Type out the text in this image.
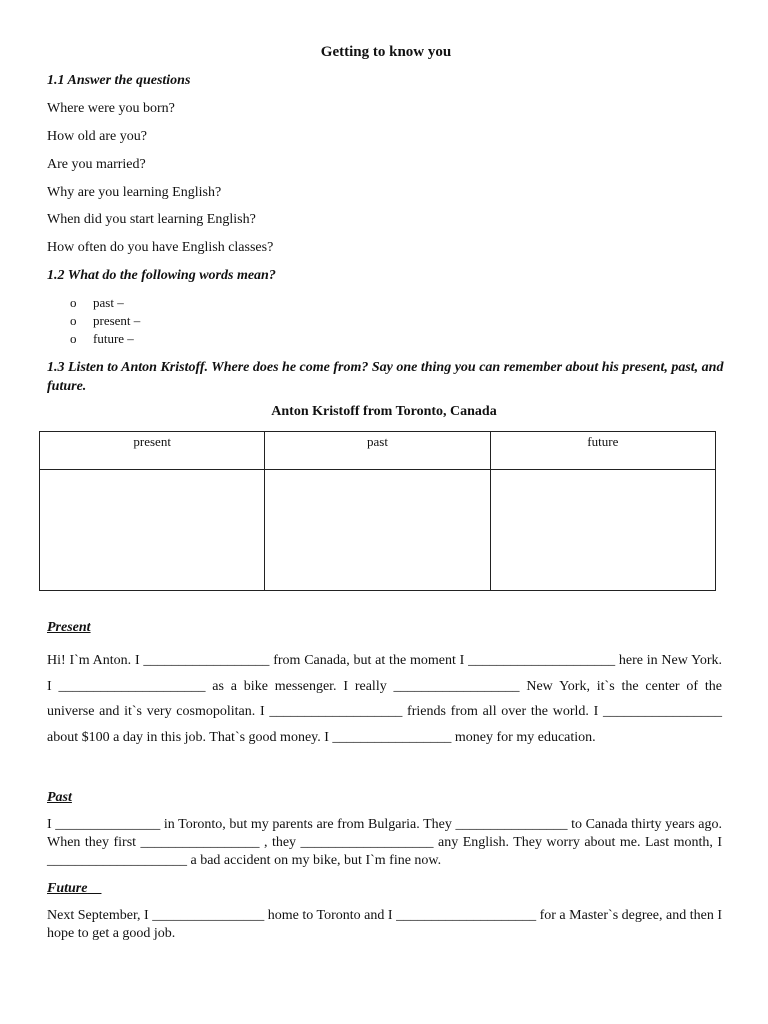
Getting to know you
1.1 Answer the questions
Where were you born?
How old are you?
Are you married?
Why are you learning English?
When did you start learning English?
How often do you have English classes?
1.2 What do the following words mean?
o past –
o present –
o future –
1.3 Listen to Anton Kristoff. Where does he come from? Say one thing you can remember about his present, past, and future.
Anton Kristoff from Toronto, Canada
present	past	future

Present
Hi! I`m Anton. I __________________ from Canada, but at the moment I _____________________ here in New York. I _____________________ as a bike messenger. I really __________________ New York, it`s the center of the universe and it`s very cosmopolitan. I ___________________ friends from all over the world. I _________________ about $100 a day in this job. That`s good money. I _________________ money for my education.
Past
I _______________ in Toronto, but my parents are from Bulgaria. They ________________ to Canada thirty years ago. When they first _________________ , they ___________________ any English. They worry about me. Last month, I ____________________ a bad accident on my bike, but I`m fine now.
Future
Next September, I ________________ home to Toronto and I ____________________ for a Master`s degree, and then I hope to get a good job.
